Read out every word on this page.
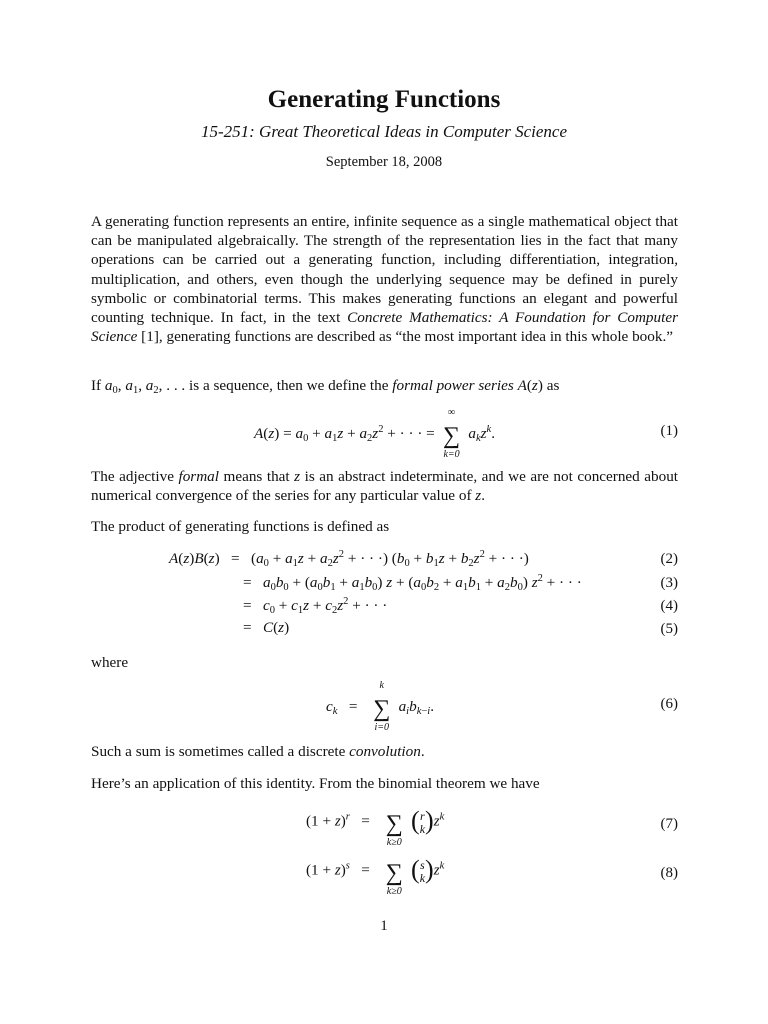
Generating Functions
15-251: Great Theoretical Ideas in Computer Science
September 18, 2008
A generating function represents an entire, infinite sequence as a single mathematical object that can be manipulated algebraically. The strength of the representation lies in the fact that many operations can be carried out a generating function, including differentiation, integration, multiplication, and others, even though the underlying sequence may be defined in purely symbolic or combinatorial terms. This makes generating functions an elegant and powerful counting technique. In fact, in the text Concrete Mathematics: A Foundation for Computer Science [1], generating functions are described as “the most important idea in this whole book.”
If $a_0$, $a_1$, $a_2$, . . . is a sequence, then we define the formal power series A(z) as
$A(z) = a_0 + a_1z + a_2z^2$ + · · · =
∞
∑
k=0
$a_kz^k$.	(1)
The adjective formal means that z is an abstract indeterminate, and we are not concerned about numerical convergence of the series for any particular value of z.
The product of generating functions is defined as
$A(z)B(z) = (a_0 + a_1z + a_2z^2$ + · · ·) ($b_0 + b_1z + b_2z^2$ + · · ·)	(2)
=   $a_0b_0 + (a_0b_1 + a_1b_0) z + (a_0b_2 + a_1b_1 + a_2b_0) z^2$ + · · ·	(3)
=   $c_0 + c_1z + c_2z^2$ + · · ·	(4)
=   C(z)	(5)
where
$c_k$   =
k
∑
i=0
$a_ib_{k-i}$.	(6)
Such a sum is sometimes called a discrete convolution.
Here’s an application of this identity. From the binomial theorem we have
$(1 + z)^r$   =   ∑
k≥0
(r
$k)z^k$	(7)
$(1 + z)^s$   =   ∑
k≥0
(s
$k)z^k$	(8)
1
